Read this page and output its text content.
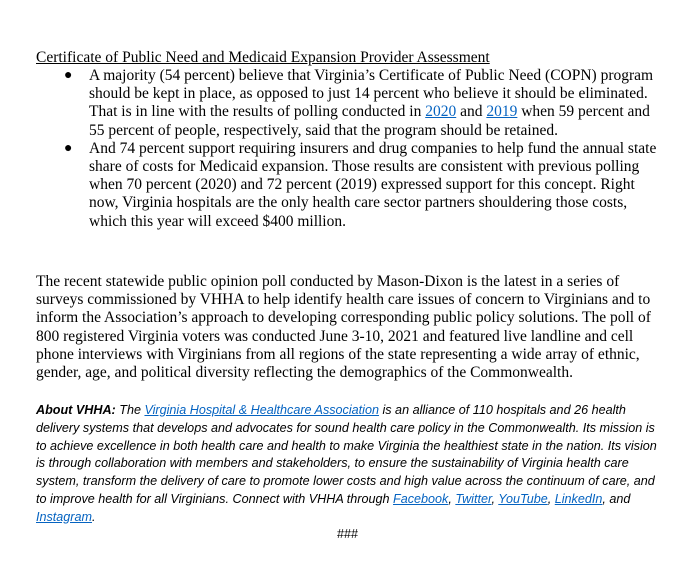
Certificate of Public Need and Medicaid Expansion Provider Assessment
● A majority (54 percent) believe that Virginia’s Certificate of Public Need (COPN) program should be kept in place, as opposed to just 14 percent who believe it should be eliminated. That is in line with the results of polling conducted in 2020 and 2019 when 59 percent and 55 percent of people, respectively, said that the program should be retained.
● And 74 percent support requiring insurers and drug companies to help fund the annual state share of costs for Medicaid expansion. Those results are consistent with previous polling when 70 percent (2020) and 72 percent (2019) expressed support for this concept. Right now, Virginia hospitals are the only health care sector partners shouldering those costs, which this year will exceed $400 million.
The recent statewide public opinion poll conducted by Mason-Dixon is the latest in a series of surveys commissioned by VHHA to help identify health care issues of concern to Virginians and to inform the Association’s approach to developing corresponding public policy solutions. The poll of 800 registered Virginia voters was conducted June 3-10, 2021 and featured live landline and cell phone interviews with Virginians from all regions of the state representing a wide array of ethnic, gender, age, and political diversity reflecting the demographics of the Commonwealth.
About VHHA: The Virginia Hospital & Healthcare Association is an alliance of 110 hospitals and 26 health delivery systems that develops and advocates for sound health care policy in the Commonwealth. Its mission is to achieve excellence in both health care and health to make Virginia the healthiest state in the nation. Its vision is through collaboration with members and stakeholders, to ensure the sustainability of Virginia health care system, transform the delivery of care to promote lower costs and high value across the continuum of care, and to improve health for all Virginians. Connect with VHHA through Facebook, Twitter, YouTube, LinkedIn, and Instagram.
###
